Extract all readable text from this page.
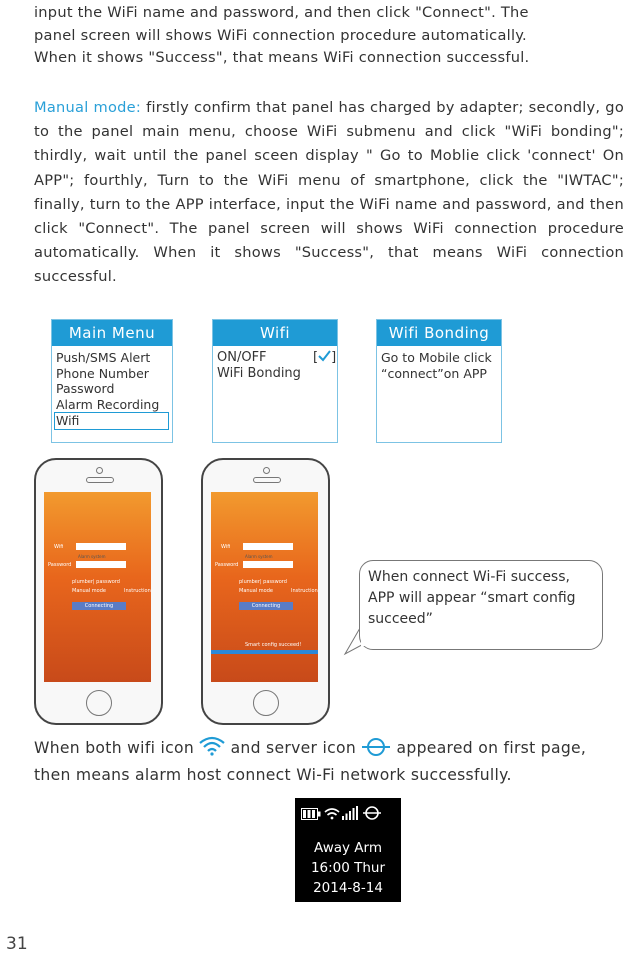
input the WiFi name and password, and then click "Connect". The
panel screen will shows WiFi connection procedure automatically.
When it shows "Success", that means WiFi connection successful.
Manual mode: firstly confirm that panel has charged by adapter; secondly, go to the panel main menu, choose WiFi submenu and click "WiFi bonding"; thirdly, wait until the panel sceen display " Go to Moblie click 'connect' On APP"; fourthly, Turn to the WiFi menu of smartphone, click the "IWTAC"; finally, turn to the APP interface, input the WiFi name and password, and then click "Connect". The panel screen will shows WiFi connection procedure automatically. When it shows "Success", that means WiFi connection successful.
Main Menu
Push/SMS Alert
Phone Number
Password
Alarm Recording
Wifi
Wifi
ON/OFF	[ ]
WiFi Bonding
Wifi Bonding
Go to Mobile click
“connect”on APP
Wifi
Alarm system
Password
plumber| password
Manual mode	Instruction
Connecting
Wifi
Alarm system
Password
plumber| password
Manual mode	Instruction
Connecting
Smart config succeed!
When connect Wi-Fi success, APP will appear “smart config succeed”
When both wifi icon and server icon	appeared on first page,
then means alarm host connect Wi-Fi network successfully.
Away Arm
16:00 Thur
2014-8-14
31
